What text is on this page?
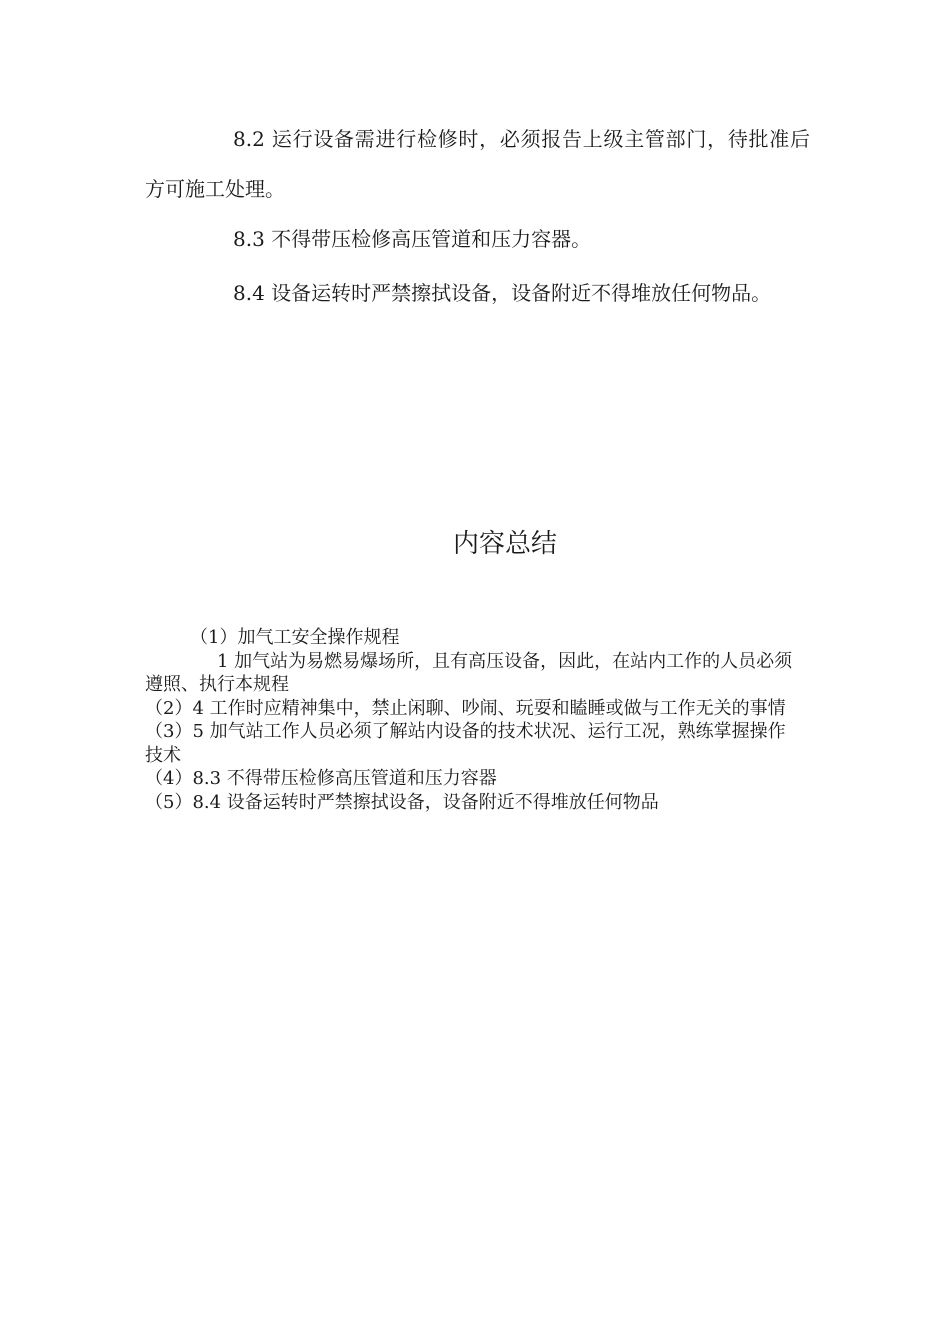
8.2 运行设备需进行检修时，必须报告上级主管部门，待批准后方可施工处理。

8.3 不得带压检修高压管道和压力容器。

8.4 设备运转时严禁擦拭设备，设备附近不得堆放任何物品。

内容总结

（1）加气工安全操作规程

1 加气站为易燃易爆场所，且有高压设备，因此，在站内工作的人员必须遵照、执行本规程

（2）4 工作时应精神集中，禁止闲聊、吵闹、玩耍和瞌睡或做与工作无关的事情

（3）5 加气站工作人员必须了解站内设备的技术状况、运行工况，熟练掌握操作技术

（4）8.3 不得带压检修高压管道和压力容器

（5）8.4 设备运转时严禁擦拭设备，设备附近不得堆放任何物品
